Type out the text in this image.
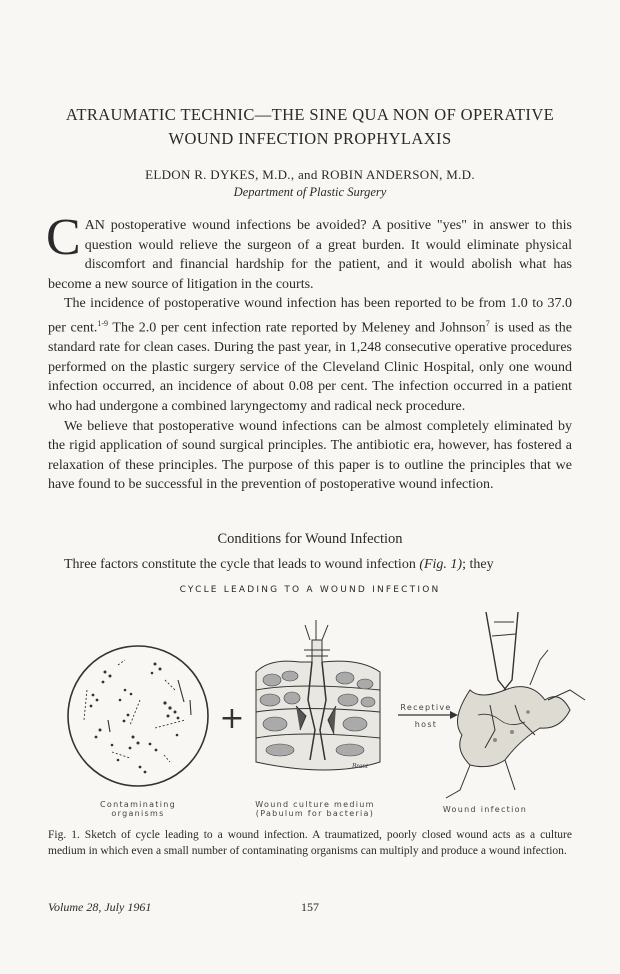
ATRAUMATIC TECHNIC—THE SINE QUA NON OF OPERATIVE
WOUND INFECTION PROPHYLAXIS
ELDON R. DYKES, M.D., and ROBIN ANDERSON, M.D.
Department of Plastic Surgery

CAN postoperative wound infections be avoided? A positive "yes" in answer to this question would relieve the surgeon of a great burden. It would eliminate physical discomfort and financial hardship for the patient, and it would abolish what has become a new source of litigation in the courts.

The incidence of postoperative wound infection has been reported to be from 1.0 to 37.0 per cent.$^{1-9}$ The 2.0 per cent infection rate reported by Meleney and Johnson$^7$ is used as the standard rate for clean cases. During the past year, in 1,248 consecutive operative procedures performed on the plastic surgery service of the Cleveland Clinic Hospital, only one wound infection occurred, an incidence of about 0.08 per cent. The infection occurred in a patient who had undergone a combined laryngectomy and radical neck procedure.

We believe that postoperative wound infections can be almost completely eliminated by the rigid application of sound surgical principles. The antibiotic era, however, has fostered a relaxation of these principles. The purpose of this paper is to outline the principles that we have found to be successful in the prevention of postoperative wound infection.

Conditions for Wound Infection
Three factors constitute the cycle that leads to wound infection (Fig. 1); they
CYCLE LEADING TO A WOUND INFECTION
+
Brant
Receptive
host
Contaminating
organisms
Wound culture medium
(Pabulum for bacteria)	Wound infection
Fig. 1. Sketch of cycle leading to a wound infection. A traumatized, poorly closed wound acts as a culture medium in which even a small number of contaminating organisms can multiply and produce a wound infection.
Volume 28, July 1961	157
